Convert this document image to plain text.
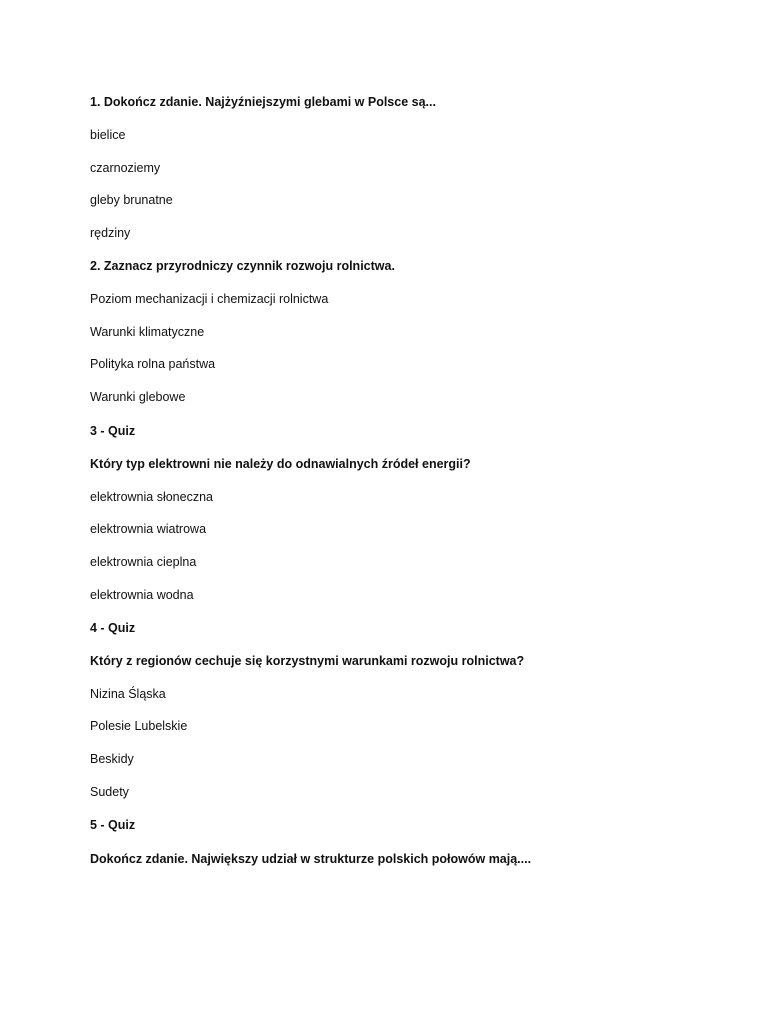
1. Dokończ zdanie. Najżyźniejszymi glebami w Polsce są...
bielice
czarnoziemy
gleby brunatne
rędziny
2. Zaznacz przyrodniczy czynnik rozwoju rolnictwa.
Poziom mechanizacji i chemizacji rolnictwa
Warunki klimatyczne
Polityka rolna państwa
Warunki glebowe
3 - Quiz
Który typ elektrowni nie należy do odnawialnych źródeł energii?
elektrownia słoneczna
elektrownia wiatrowa
elektrownia cieplna
elektrownia wodna
4 - Quiz
Który z regionów cechuje się korzystnymi warunkami rozwoju rolnictwa?
Nizina Śląska
Polesie Lubelskie
Beskidy
Sudety
5 - Quiz
Dokończ zdanie. Największy udział w strukturze polskich połowów mają....
